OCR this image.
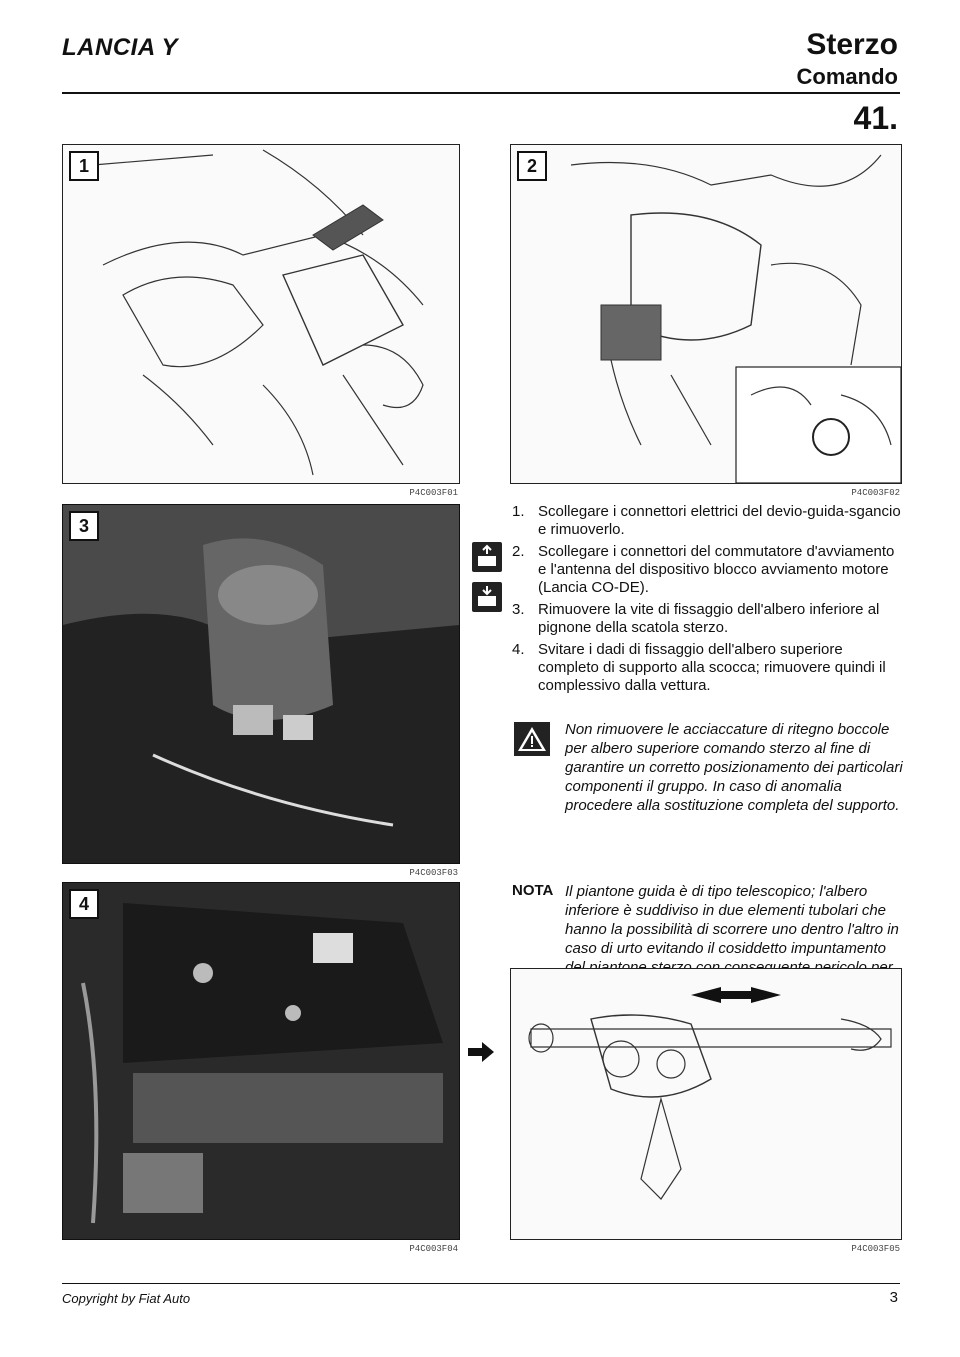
LANCIA Y	Sterzo
Comando
41.
1
P4C003F01
2
P4C003F02
3
P4C003F03
4
P4C003F04
1. Scollegare i connettori elettrici del devio-guida-sgancio e rimuoverlo.
2. Scollegare i connettori del commutatore d'avviamento e l'antenna del dispositivo blocco avviamento motore (Lancia CO-DE).
3. Rimuovere la vite di fissaggio dell'albero inferiore al pignone della scatola sterzo.
4. Svitare i dadi di fissaggio dell'albero superiore completo di supporto alla scocca; rimuovere quindi il complessivo dalla vettura.
Non rimuovere le acciaccature di ritegno boccole per albero superiore comando sterzo al fine di garantire un corretto posizionamento dei particolari componenti il gruppo. In caso di anomalia procedere alla sostituzione completa del supporto.
NOTA Il piantone guida è di tipo telescopico; l'albero inferiore è suddiviso in due elementi tubolari che hanno la possibilità di scorrere uno dentro l'altro in caso di urto evitando il cosiddetto impuntamento
P4C003F05
Copyright by Fiat Auto	3
